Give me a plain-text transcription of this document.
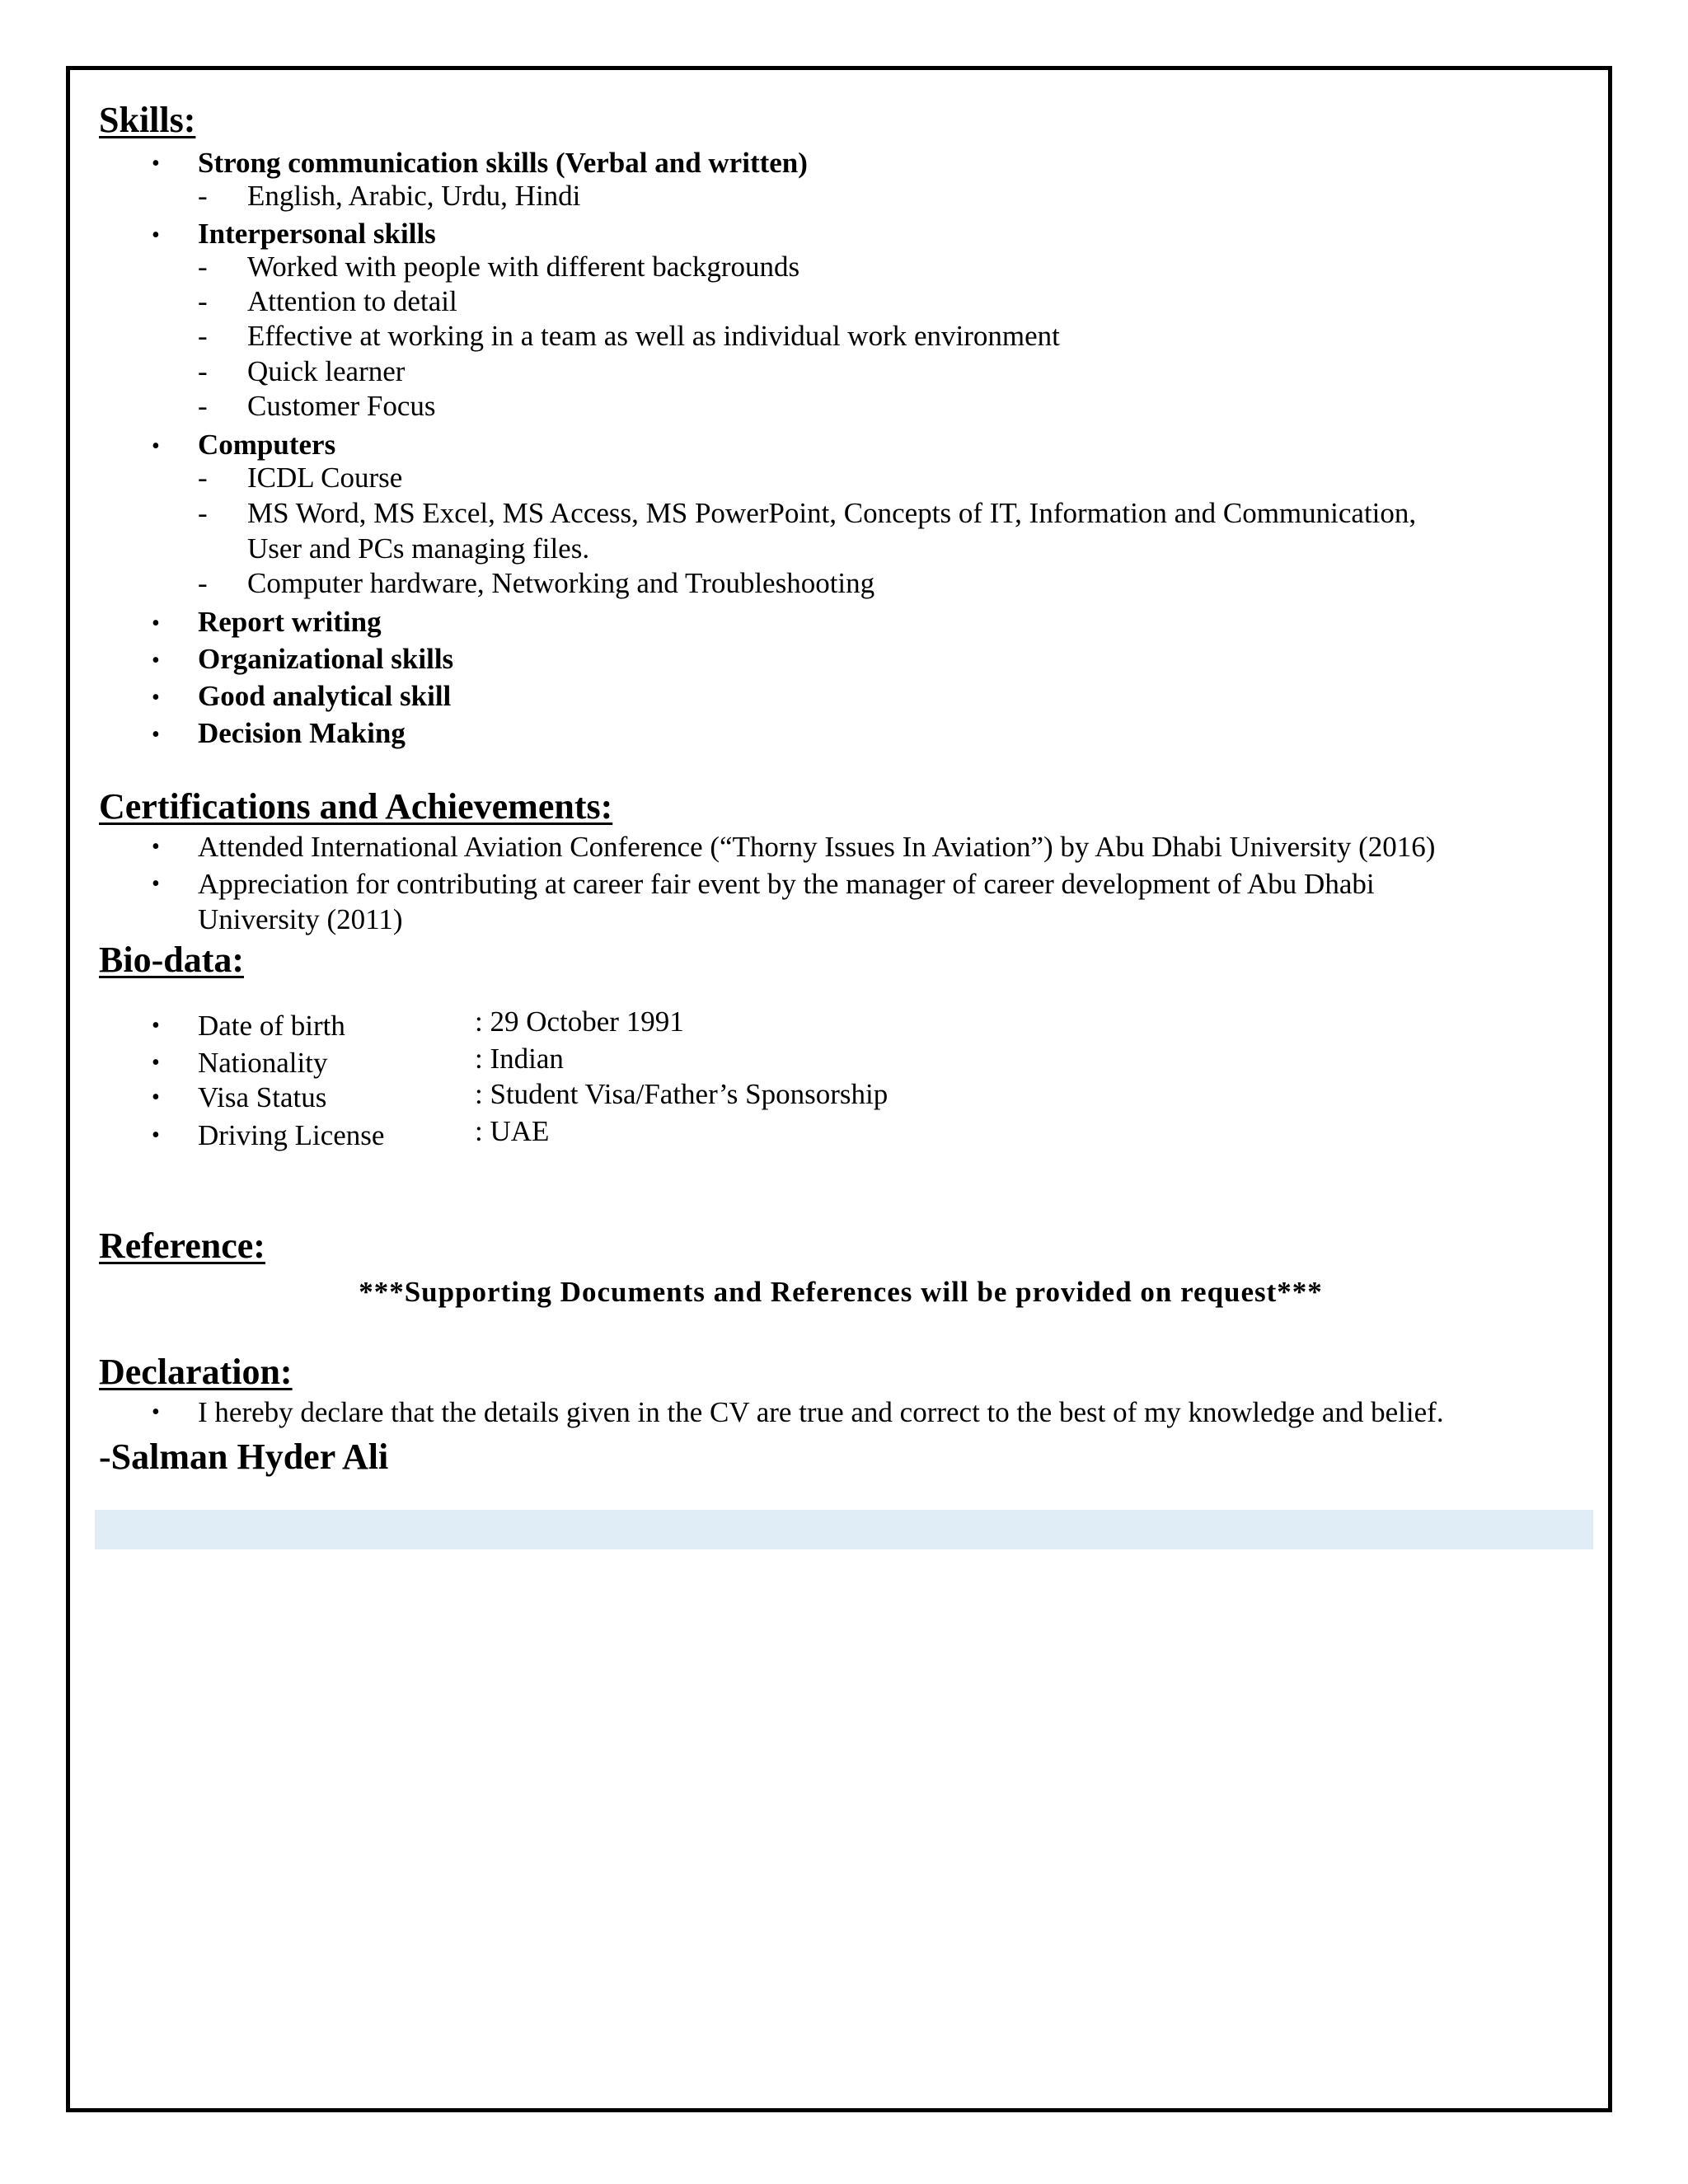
Skills:
• Strong communication skills (Verbal and written)
- English, Arabic, Urdu, Hindi
• Interpersonal skills
- Worked with people with different backgrounds
- Attention to detail
- Effective at working in a team as well as individual work environment
- Quick learner
- Customer Focus
• Computers
- ICDL Course
- MS Word, MS Excel, MS Access, MS PowerPoint, Concepts of IT, Information and Communication,
User and PCs managing files.
- Computer hardware, Networking and Troubleshooting
• Report writing
• Organizational skills
• Good analytical skill
• Decision Making
Certifications and Achievements:
• Attended International Aviation Conference (“Thorny Issues In Aviation”) by Abu Dhabi University (2016)
• Appreciation for contributing at career fair event by the manager of career development of Abu Dhabi
University (2011)
Bio-data:
• Date of birth	: 29 October 1991
• Nationality	: Indian
• Visa Status	: Student Visa/Father’s Sponsorship
• Driving License	: UAE
Reference:
***Supporting Documents and References will be provided on request***
Declaration:
• I hereby declare that the details given in the CV are true and correct to the best of my knowledge and belief.
-Salman Hyder Ali
